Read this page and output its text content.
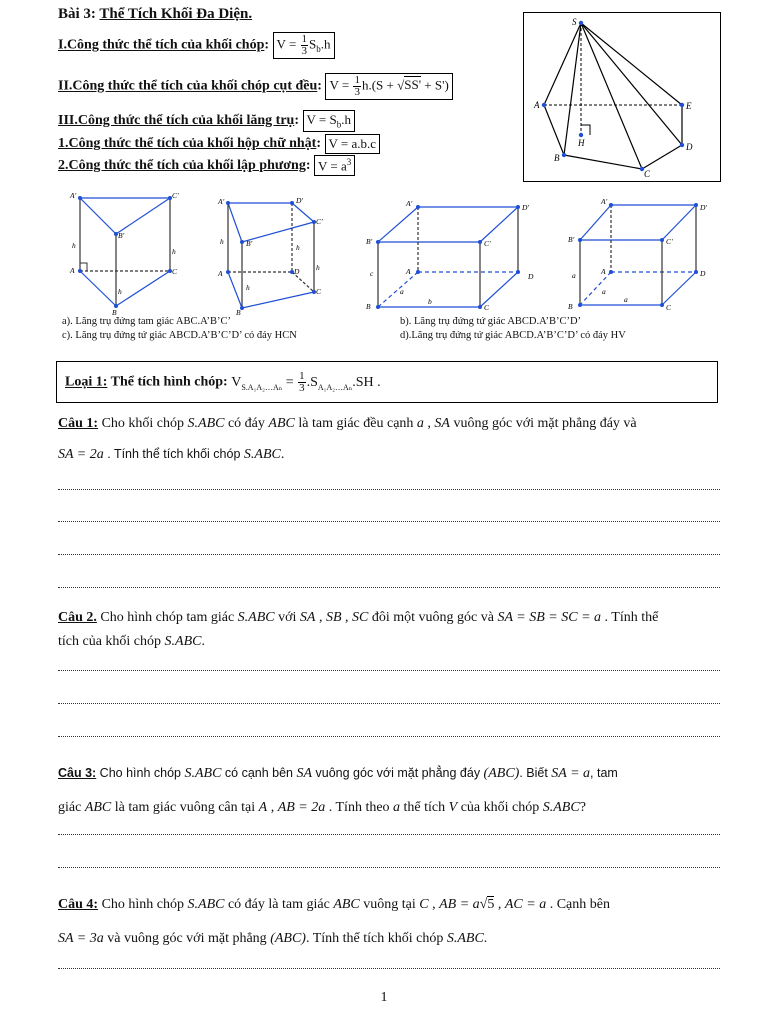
Bài 3: Thể Tích Khối Đa Diện.
I.Công thức thể tích của khối chóp: $V = \frac{1}{3} S_b.h$
II.Công thức thể tích của khối chóp cụt đều: $V = \frac{1}{3} h.(S + √SS' + S')$
III.Công thức thể tích của khối lăng trụ: $V = S_b.h$
1.Công thức thể tích của khối hộp chữ nhật: V = a.b.c
2.Công thức thể tích của khối lập phương: $V = a^3$
S
A	E
H
B
D
C
A'	C'
B'
A	C
B
h
h
h
A'	D'
C'
B'
A	D
C
B
h
h
h
h
A'	D'
B'	C'
A
D
B	C
a
b
c
A'
D'
B'	C'
A	D
B	C
a
a
a
a). Lăng trụ đứng tam giác ABC.A’B’C’	b). Lăng trụ đứng tứ giác ABCD.A’B’C’D’
c). Lăng trụ đứng tứ giác ABCD.A’B’C’D’ có đáy HCN	d).Lăng trụ đứng tứ giác ABCD.A’B’C’D’ có đáy HV
Loại 1: Thể tích hình chóp: $V_{S.A_1A_2\dots A_n} = \frac{1}{3} .S_{A_1A_2\dots A_n}.SH$ .
Câu 1: Cho khối chóp S.ABC có đáy ABC là tam giác đều cạnh a , SA vuông góc với mặt phẳng đáy và
SA = 2a . Tính thể tích khối chóp S.ABC.
Câu 2. Cho hình chóp tam giác S.ABC với SA , SB , SC đôi một vuông góc và SA = SB = SC = a . Tính thể
tích của khối chóp S.ABC.
Câu 3: Cho hình chóp S.ABC có cạnh bên SA vuông góc với mặt phẳng đáy (ABC). Biết SA = a, tam
giác ABC là tam giác vuông cân tại A , AB = 2a . Tính theo a thể tích V của khối chóp S.ABC?
Câu 4: Cho hình chóp S.ABC có đáy là tam giác ABC vuông tại C , AB = a√5 , AC = a . Cạnh bên
SA = 3a và vuông góc với mặt phẳng (ABC). Tính thể tích khối chóp S.ABC.
1
